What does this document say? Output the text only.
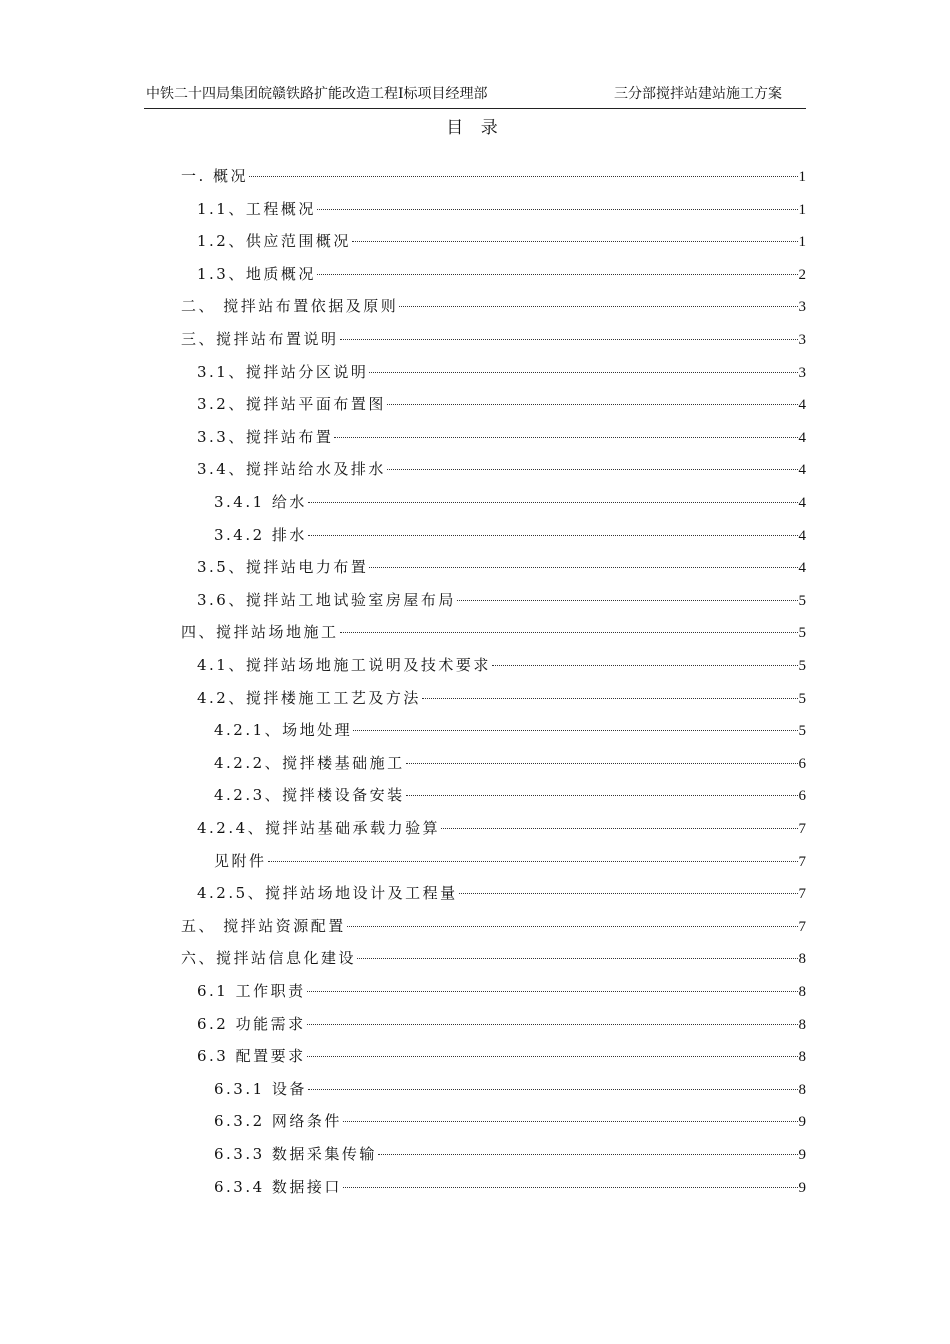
中铁二十四局集团皖赣铁路扩能改造工程Ⅰ标项目经理部	三分部搅拌站建站施工方案
目 录
一. 概况	1
1.1、工程概况	1
1.2、供应范围概况	1
1.3、地质概况	2
二、 搅拌站布置依据及原则	3
三、搅拌站布置说明	3
3.1、搅拌站分区说明	3
3.2、搅拌站平面布置图	4
3.3、搅拌站布置	4
3.4、搅拌站给水及排水	4
3.4.1 给水	4
3.4.2 排水	4
3.5、搅拌站电力布置	4
3.6、搅拌站工地试验室房屋布局	5
四、搅拌站场地施工	5
4.1、搅拌站场地施工说明及技术要求	5
4.2、搅拌楼施工工艺及方法	5
4.2.1、场地处理	5
4.2.2、搅拌楼基础施工	6
4.2.3、搅拌楼设备安装	6
4.2.4、搅拌站基础承载力验算	7
见附件	7
4.2.5、搅拌站场地设计及工程量	7
五、 搅拌站资源配置	7
六、搅拌站信息化建设	8
6.1 工作职责	8
6.2 功能需求	8
6.3 配置要求	8
6.3.1 设备	8
6.3.2 网络条件	9
6.3.3 数据采集传输	9
6.3.4 数据接口	9
